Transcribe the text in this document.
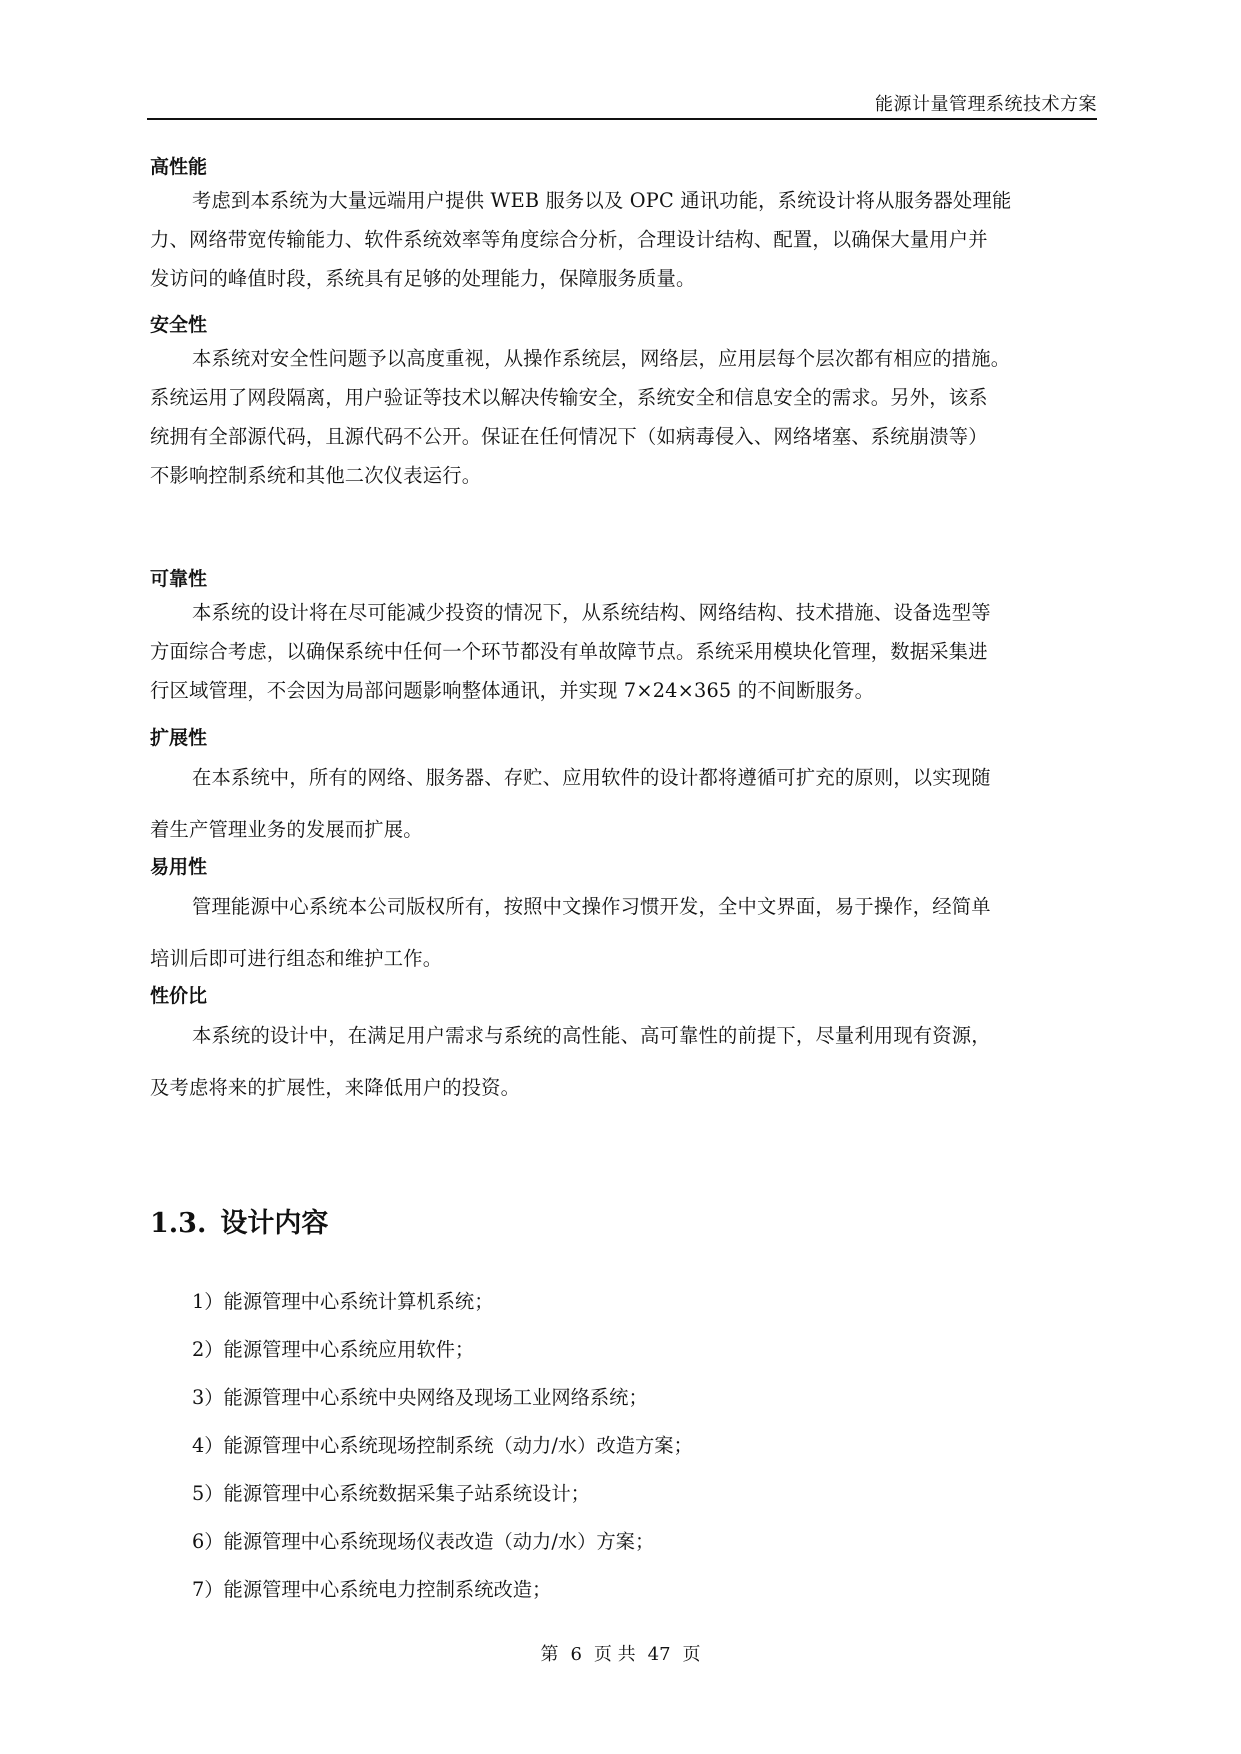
能源计量管理系统技术方案
高性能

考虑到本系统为大量远端用户提供 WEB 服务以及 OPC 通讯功能，系统设计将从服务器处理能
力、网络带宽传输能力、软件系统效率等角度综合分析，合理设计结构、配置，以确保大量用户并
发访问的峰值时段，系统具有足够的处理能力，保障服务质量。

安全性

本系统对安全性问题予以高度重视，从操作系统层，网络层，应用层每个层次都有相应的措施。
系统运用了网段隔离，用户验证等技术以解决传输安全，系统安全和信息安全的需求。另外，该系
统拥有全部源代码，且源代码不公开。保证在任何情况下（如病毒侵入、网络堵塞、系统崩溃等）
不影响控制系统和其他二次仪表运行。

可靠性

本系统的设计将在尽可能减少投资的情况下，从系统结构、网络结构、技术措施、设备选型等
方面综合考虑，以确保系统中任何一个环节都没有单故障节点。系统采用模块化管理，数据采集进
行区域管理，不会因为局部问题影响整体通讯，并实现 7×24×365 的不间断服务。

扩展性

在本系统中，所有的网络、服务器、存贮、应用软件的设计都将遵循可扩充的原则，以实现随
着生产管理业务的发展而扩展。

易用性

管理能源中心系统本公司版权所有，按照中文操作习惯开发，全中文界面，易于操作，经简单
培训后即可进行组态和维护工作。

性价比

本系统的设计中，在满足用户需求与系统的高性能、高可靠性的前提下，尽量利用现有资源，
及考虑将来的扩展性，来降低用户的投资。

1.3. 设计内容
1）能源管理中心系统计算机系统；
2）能源管理中心系统应用软件；
3）能源管理中心系统中央网络及现场工业网络系统；
4）能源管理中心系统现场控制系统（动力/水）改造方案；
5）能源管理中心系统数据采集子站系统设计；
6）能源管理中心系统现场仪表改造（动力/水）方案；
7）能源管理中心系统电力控制系统改造；
第 6 页 共 47 页
